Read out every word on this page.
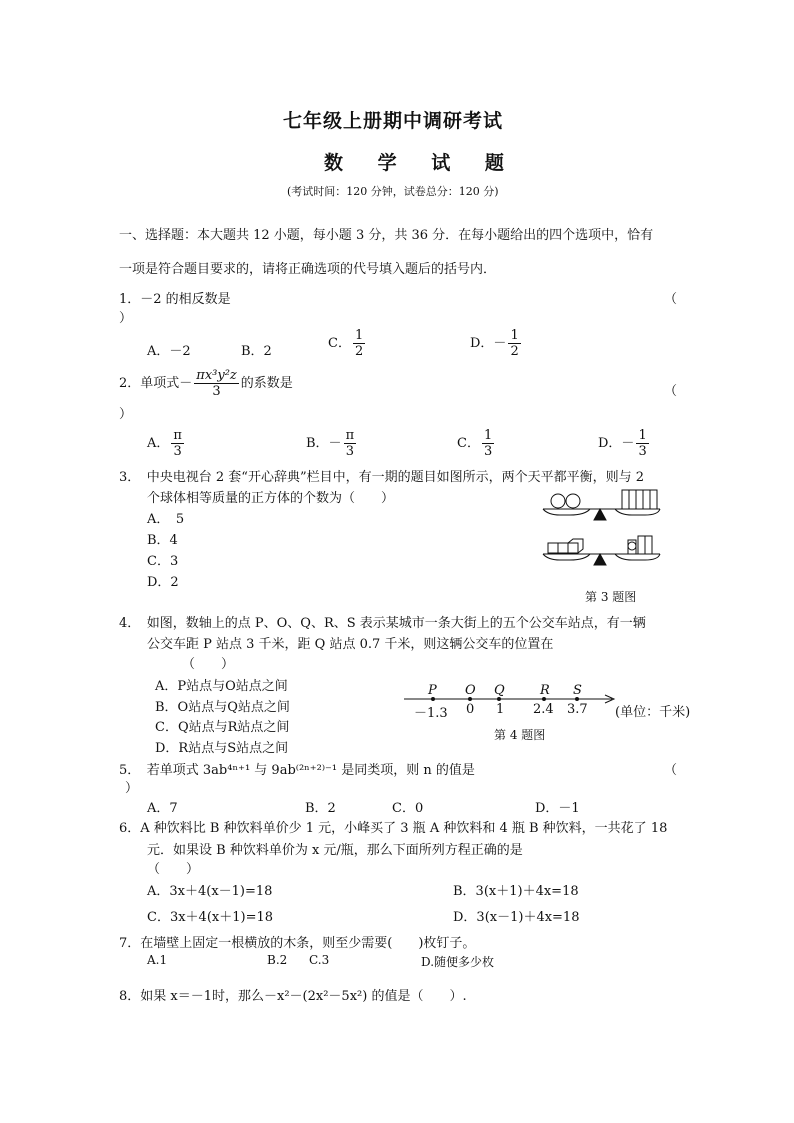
七年级上册期中调研考试
数 学 试 题
(考试时间：120 分钟，试卷总分：120 分)
一、选择题：本大题共 12 小题，每小题 3 分，共 36 分．在每小题给出的四个选项中，恰有
一项是符合题目要求的，请将正确选项的代号填入题后的括号内．
1．－2 的相反数是	（
）
A．－2	B．2
C． $\frac{1}{2}$	D．－ $\frac{1}{2}$
2．单项式－ $\frac{\text{πx³y²z}}{3}$ 的系数是
（
）
A． $\frac{\pi}{3}$	B．－ $\frac{\pi}{3}$	C． $\frac{1}{3}$	D．－ $\frac{1}{3}$
3．　中央电视台 2 套“开心辞典”栏目中，有一期的题目如图所示，两个天平都平衡，则与 2
个球体相等质量的正方体的个数为（　　）
A．　5
B．4
C．3
D．2
第 3 题图
4．　如图，数轴上的点 P、O、Q、R、S 表示某城市一条大街上的五个公交车站点，有一辆
公交车距 P 站点 3 千米，距 Q 站点 0.7 千米，则这辆公交车的位置在
（　　）
A．P站点与O站点之间
B．O站点与Q站点之间
C．Q站点与R站点之间
D．R站点与S站点之间
P O Q	R S
－1.3 0 1 2.4 3.7 (单位：千米)
第 4 题图
5．　若单项式 3ab⁴ⁿ⁺¹ 与 9ab⁽²ⁿ⁺²⁾⁻¹ 是同类项，则 n 的值是	（
）
A．7	B．2	C．0	D．－1
6．A 种饮料比 B 种饮料单价少 1 元，小峰买了 3 瓶 A 种饮料和 4 瓶 B 种饮料，一共花了 18
元．如果设 B 种饮料单价为 x 元/瓶，那么下面所列方程正确的是
（　　）
A．3x＋4(x－1)=18	B．3(x＋1)＋4x=18
C．3x＋4(x＋1)=18	D．3(x－1)＋4x=18
7．在墙壁上固定一根横放的木条，则至少需要(　　)枚钉子。
A.1	B.2 C.3	D.随便多少枚
8．如果 x＝－1时，那么－x²－(2x²－5x²) 的值是（　　）.
